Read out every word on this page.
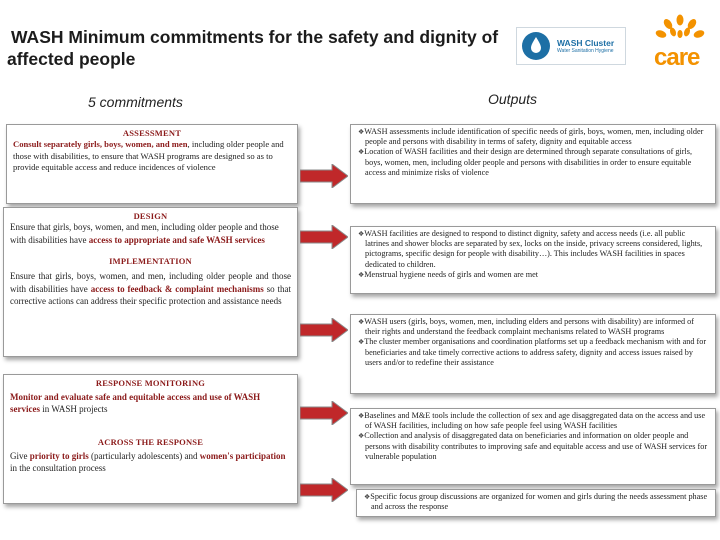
WASH Minimum commitments for the safety and dignity of affected people
WASH Cluster
Water Sanitation Hygiene care
5 commitments	Outputs
ASSESSMENT
Consult separately girls, boys, women, and men, including older people and those with disabilities, to ensure that WASH programs are designed so as to provide equitable access and reduce incidences of violence
DESIGN
Ensure that girls, boys, women, and men, including older people and those with disabilities have access to appropriate and safe WASH services
IMPLEMENTATION
Ensure that girls, boys, women, and men, including older people and those with disabilities have access to feedback & complaint mechanisms so that corrective actions can address their specific protection and assistance needs
RESPONSE MONITORING
Monitor and evaluate safe and equitable access and use of WASH services in WASH projects
ACROSS THE RESPONSE
Give priority to girls (particularly adolescents) and women's participation in the consultation process

❖WASH assessments include identification of specific needs of girls, boys, women, men, including older people and persons with disability in terms of safety, dignity and equitable access

❖Location of WASH facilities and their design are determined through separate consultations of girls, boys, women, men, including older people and persons with disabilities in order to ensure equitable access and minimize risks of violence

❖WASH facilities are designed to respond to distinct dignity, safety and access needs (i.e. all public latrines and shower blocks are separated by sex, locks on the inside, privacy screens considered, lights, pictograms, specific design for people with disability…). This includes WASH facilities in spaces dedicated to children.

❖Menstrual hygiene needs of girls and women are met

❖WASH users (girls, boys, women, men, including elders and persons with disability) are informed of their rights and understand the feedback complaint mechanisms related to WASH programs

❖The cluster member organisations and coordination platforms set up a feedback mechanism with and for beneficiaries and take timely corrective actions to address safety, dignity and access issues raised by users and/or to redefine their assistance

❖Baselines and M&E tools include the collection of sex and age disaggregated data on the access and use of WASH facilities, including on how safe people feel using WASH facilities

❖Collection and analysis of disaggregated data on beneficiaries and information on older people and persons with disability contributes to improving safe and equitable access and use of WASH services for vulnerable population

❖Specific focus group discussions are organized for women and girls during the needs assessment phase and across the response
